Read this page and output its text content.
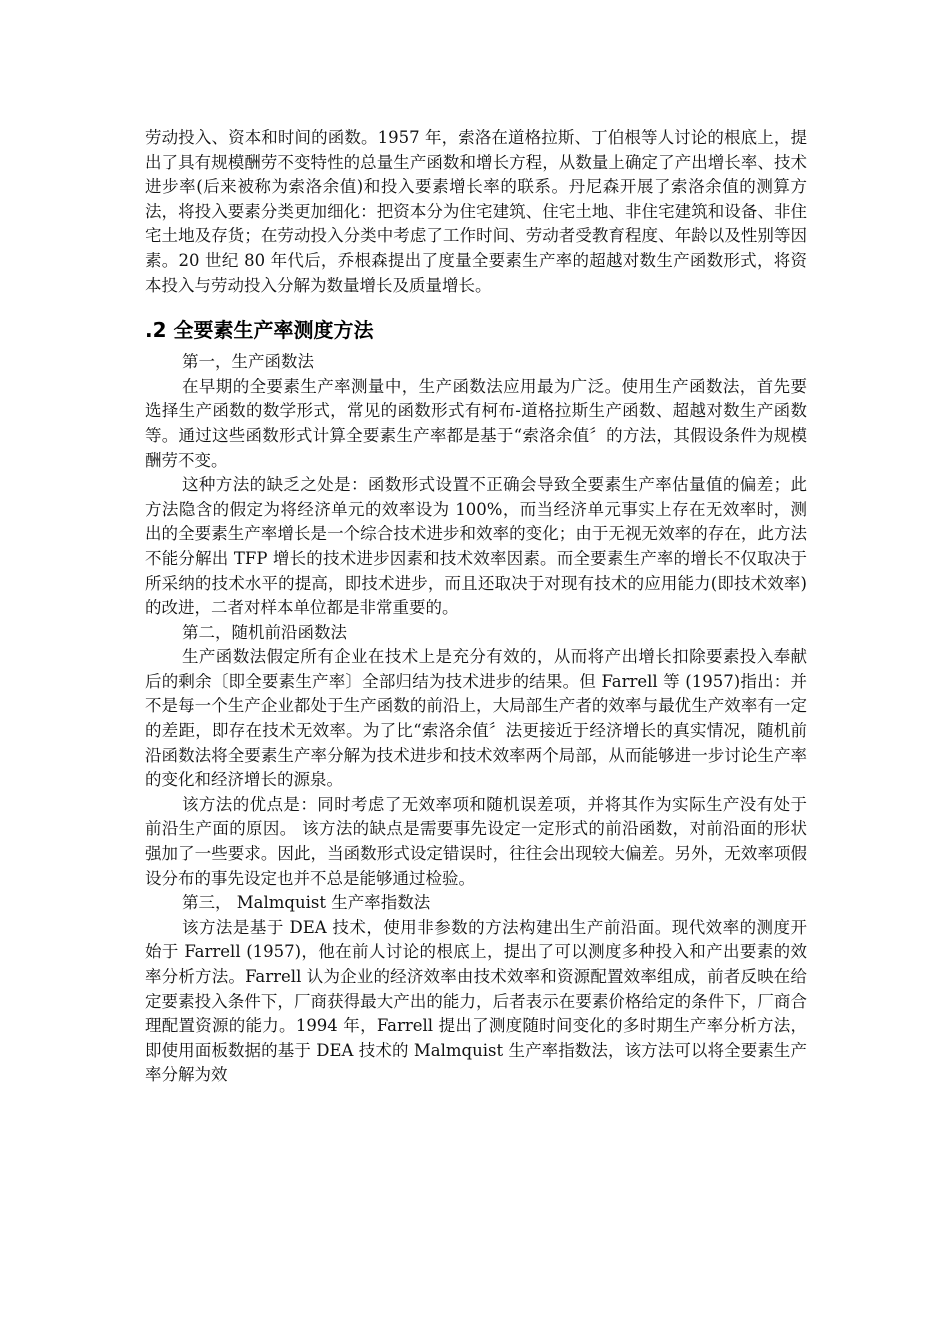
劳动投入、资本和时间的函数。1957 年，索洛在道格拉斯、丁伯根等人讨论的根底上，提出了具有规模酬劳不变特性的总量生产函数和增长方程，从数量上确定了产出增长率、技术进步率(后来被称为索洛余值)和投入要素增长率的联系。丹尼森开展了索洛余值的测算方法，将投入要素分类更加细化：把资本分为住宅建筑、住宅土地、非住宅建筑和设备、非住宅土地及存货；在劳动投入分类中考虑了工作时间、劳动者受教育程度、年龄以及性别等因素。20 世纪 80 年代后，乔根森提出了度量全要素生产率的超越对数生产函数形式，将资本投入与劳动投入分解为数量增长及质量增长。

.2 全要素生产率测度方法

第一，生产函数法

在早期的全要素生产率测量中，生产函数法应用最为广泛。使用生产函数法，首先要选择生产函数的数学形式，常见的函数形式有柯布-道格拉斯生产函数、超越对数生产函数等。通过这些函数形式计算全要素生产率都是基于“索洛余值〞的方法，其假设条件为规模酬劳不变。

这种方法的缺乏之处是：函数形式设置不正确会导致全要素生产率估量值的偏差；此方法隐含的假定为将经济单元的效率设为 100%，而当经济单元事实上存在无效率时，测出的全要素生产率增长是一个综合技术进步和效率的变化；由于无视无效率的存在，此方法不能分解出 TFP 增长的技术进步因素和技术效率因素。而全要素生产率的增长不仅取决于所采纳的技术水平的提高，即技术进步，而且还取决于对现有技术的应用能力(即技术效率)的改进，二者对样本单位都是非常重要的。

第二，随机前沿函数法

生产函数法假定所有企业在技术上是充分有效的，从而将产出增长扣除要素投入奉献后的剩余〔即全要素生产率〕全部归结为技术进步的结果。但 Farrell 等 (1957)指出：并不是每一个生产企业都处于生产函数的前沿上，大局部生产者的效率与最优生产效率有一定的差距，即存在技术无效率。为了比“索洛余值〞法更接近于经济增长的真实情况，随机前沿函数法将全要素生产率分解为技术进步和技术效率两个局部，从而能够进一步讨论生产率的变化和经济增长的源泉。

该方法的优点是：同时考虑了无效率项和随机误差项，并将其作为实际生产没有处于前沿生产面的原因。 该方法的缺点是需要事先设定一定形式的前沿函数，对前沿面的形状强加了一些要求。因此，当函数形式设定错误时，往往会出现较大偏差。另外，无效率项假设分布的事先设定也并不总是能够通过检验。

第三， Malmquist 生产率指数法

该方法是基于 DEA 技术，使用非参数的方法构建出生产前沿面。现代效率的测度开始于 Farrell (1957)，他在前人讨论的根底上，提出了可以测度多种投入和产出要素的效率分析方法。Farrell 认为企业的经济效率由技术效率和资源配置效率组成，前者反映在给定要素投入条件下，厂商获得最大产出的能力，后者表示在要素价格给定的条件下，厂商合理配置资源的能力。1994 年，Farrell 提出了测度随时间变化的多时期生产率分析方法，即使用面板数据的基于 DEA 技术的 Malmquist 生产率指数法，该方法可以将全要素生产率分解为效
